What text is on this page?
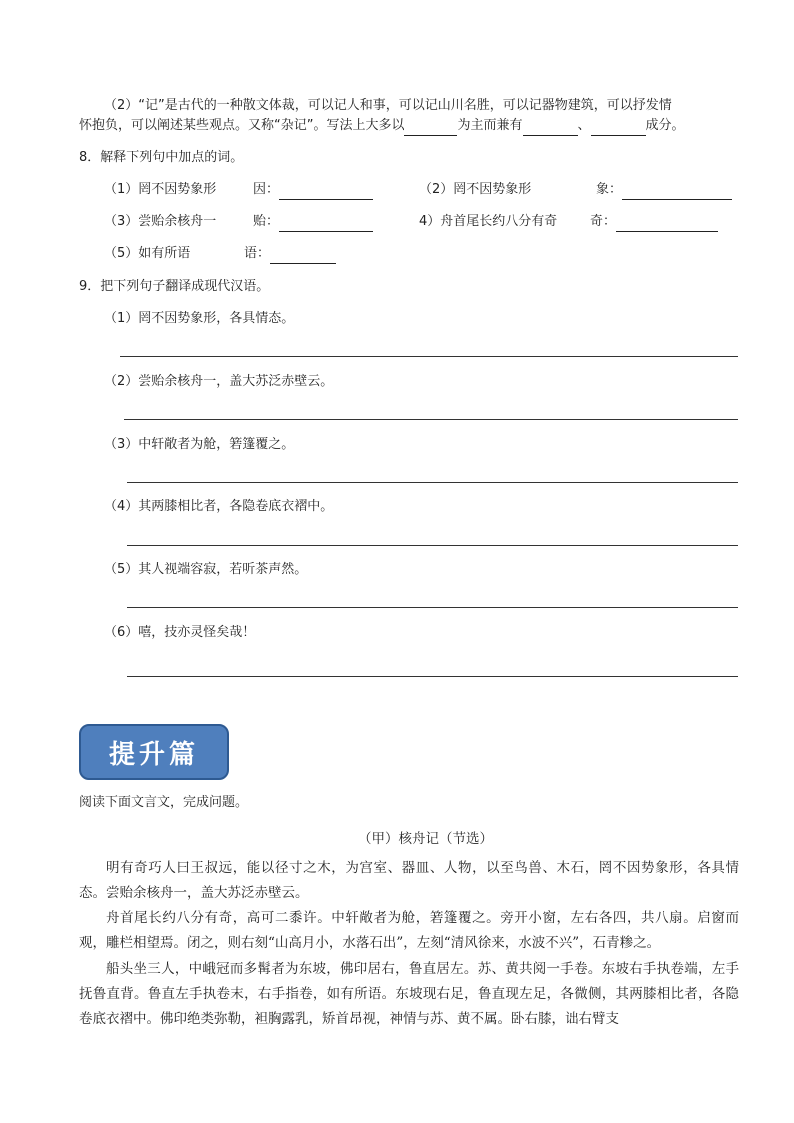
（2）“记”是古代的一种散文体裁，可以记人和事，可以记山川名胜，可以记器物建筑，可以抒发情
怀抱负，可以阐述某些观点。又称“杂记”。写法上大多以	为主而兼有	、	成分。
8．解释下列句中加点的词。
（1）罔不因势象形	因：	（2）罔不因势象形	象：
（3）尝贻余核舟一	贻：	4）舟首尾长约八分有奇	奇：
（5）如有所语	语：
9．把下列句子翻译成现代汉语。
（1）罔不因势象形，各具情态。
（2）尝贻余核舟一，盖大苏泛赤壁云。
（3）中轩敞者为舱，箬篷覆之。
（4）其两膝相比者，各隐卷底衣褶中。
（5）其人视端容寂，若听茶声然。
（6）嘻，技亦灵怪矣哉！
提升篇
阅读下面文言文，完成问题。
（甲）核舟记（节选）
明有奇巧人曰王叔远，能以径寸之木，为宫室、器皿、人物，以至鸟兽、木石，罔不因势象形，各具情态。尝贻余核舟一，盖大苏泛赤壁云。
舟首尾长约八分有奇，高可二黍许。中轩敞者为舱，箬篷覆之。旁开小窗，左右各四，共八扇。启窗而观，雕栏相望焉。闭之，则右刻“山高月小，水落石出”，左刻“清风徐来，水波不兴”，石青糁之。
船头坐三人，中峨冠而多髯者为东坡，佛印居右，鲁直居左。苏、黄共阅一手卷。东坡右手执卷端，左手抚鲁直背。鲁直左手执卷末，右手指卷，如有所语。东坡现右足，鲁直现左足，各微侧，其两膝相比者，各隐卷底衣褶中。佛印绝类弥勒，袒胸露乳，矫首昂视，神情与苏、黄不属。卧右膝，诎右臂支
